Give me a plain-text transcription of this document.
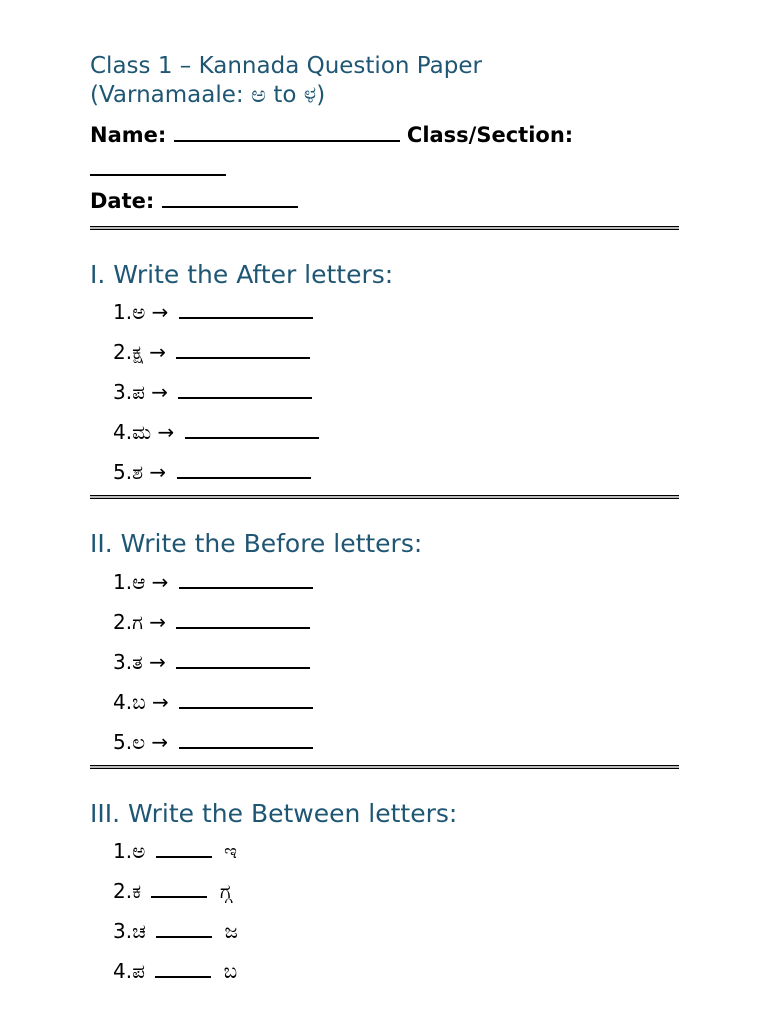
Class 1 – Kannada Question Paper
(Varnamaale: ಅ to ಳ)
Name:	Class/Section:
Date:
I. Write the After letters:
1.ಅ →
2.ಕ್ಷ →
3.ಪ →
4.ಮ →
5.ಶ →
II. Write the Before letters:
1.ಆ →
2.ಗ →
3.ತ →
4.ಬ →
5.ಲ →
III. Write the Between letters:
1.ಅ	ಇ
2.ಕ	ಗ್ಗ
3.ಚ	ಜ
4.ಪ	ಬ
